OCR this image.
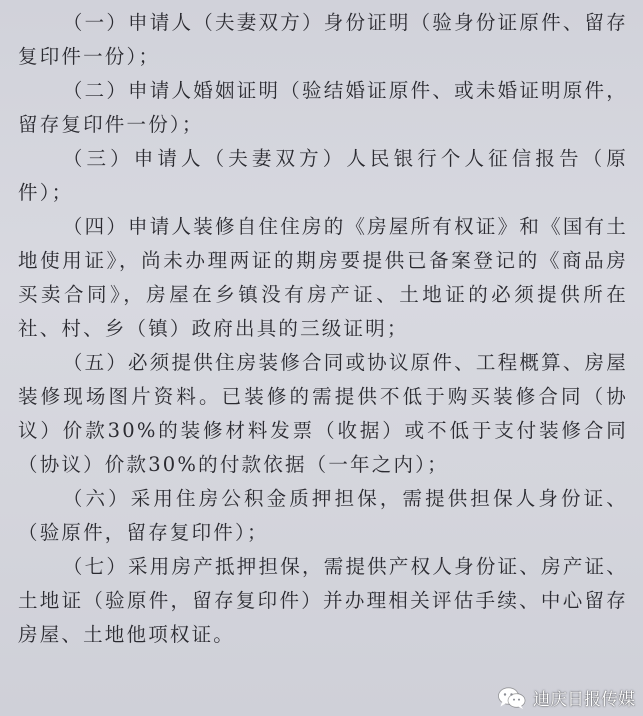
（一）申请人（夫妻双方）身份证明（验身份证原件、留存复印件一份）；

（二）申请人婚姻证明（验结婚证原件、或未婚证明原件，留存复印件一份）；

（三）申请人（夫妻双方）人民银行个人征信报告（原件）；

（四）申请人装修自住住房的《房屋所有权证》和《国有土地使用证》，尚未办理两证的期房要提供已备案登记的《商品房买卖合同》，房屋在乡镇没有房产证、土地证的必须提供所在社、村、乡（镇）政府出具的三级证明；

（五）必须提供住房装修合同或协议原件、工程概算、房屋装修现场图片资料。已装修的需提供不低于购买装修合同（协议）价款30%的装修材料发票（收据）或不低于支付装修合同（协议）价款30%的付款依据（一年之内）；

（六）采用住房公积金质押担保，需提供担保人身份证、（验原件，留存复印件）；

（七）采用房产抵押担保，需提供产权人身份证、房产证、土地证（验原件，留存复印件）并办理相关评估手续、中心留存房屋、土地他项权证。

迪庆日报传媒
